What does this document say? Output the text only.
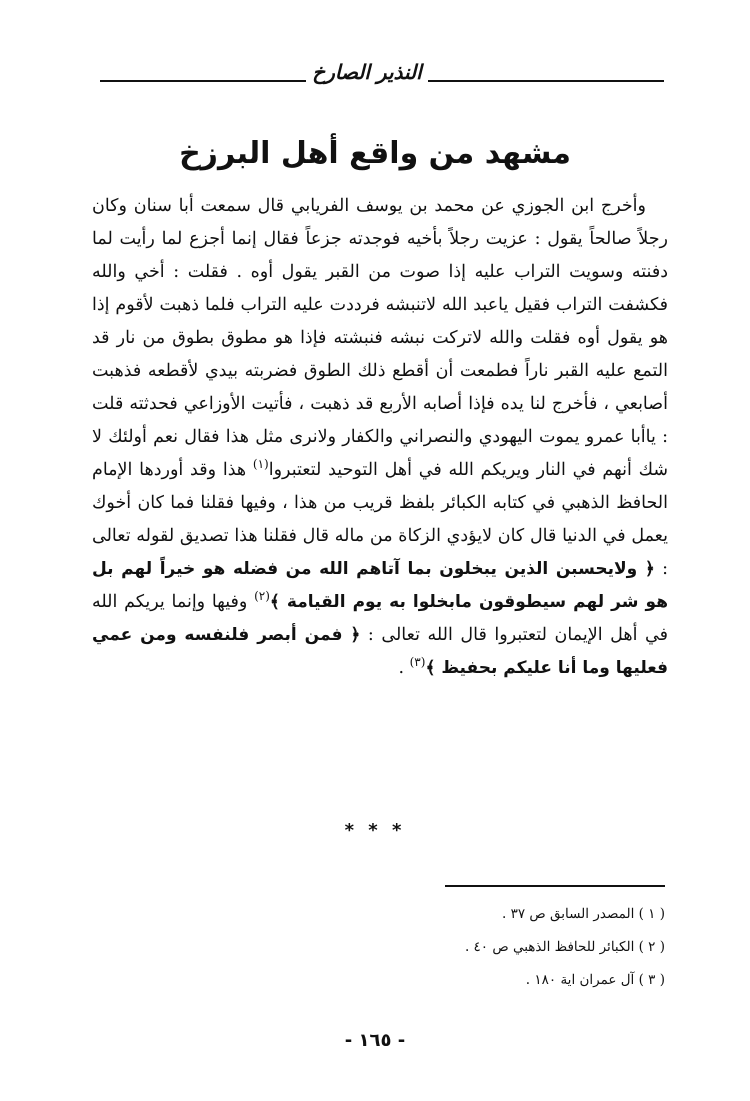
النذير الصارخ
مشهد من واقع أهل البرزخ

وأخرج ابن الجوزي عن محمد بن يوسف الفريابي قال سمعت أبا سنان وكان رجلاً صالحاً يقول : عزيت رجلاً بأخيه فوجدته جزعاً فقال إنما أجزع لما رأيت لما دفنته وسويت التراب عليه إذا صوت من القبر يقول أوه . فقلت : أخي والله فكشفت التراب فقيل ياعبد الله لاتنبشه فرددت عليه التراب فلما ذهبت لأقوم إذا هو يقول أوه فقلت والله لاتركت نبشه فنبشته فإذا هو مطوق بطوق من نار قد التمع عليه القبر ناراً فطمعت أن أقطع ذلك الطوق فضربته بيدي لأقطعه فذهبت أصابعي ، فأخرج لنا يده فإذا أصابه الأربع قد ذهبت ، فأتيت الأوزاعي فحدثته قلت : ياأبا عمرو يموت اليهودي والنصراني والكفار ولانرى مثل هذا فقال نعم أولئك لا شك أنهم في النار ويريكم الله في أهل التوحيد لتعتبروا$^{(١)}$ هذا وقد أوردها الإمام الحافظ الذهبي في كتابه الكبائر بلفظ قريب من هذا ، وفيها فقلنا فما كان أخوك يعمل في الدنيا قال كان لايؤدي الزكاة من ماله قال فقلنا هذا تصديق لقوله تعالى : ﴿ ولايحسبن الذين يبخلون بما آتاهم الله من فضله هو خيراً لهم بل هو شر لهم سيطوقون مابخلوا به يوم القيامة ﴾$^{(٢)}$ وفيها وإنما يريكم الله في أهل الإيمان لتعتبروا قال الله تعالى : ﴿ فمن أبصر فلنفسه ومن عمي فعليها وما أنا عليكم بحفيظ ﴾$^{(٣)}$ .

* * *
( ١ ) المصدر السابق ص ٣٧ .
( ٢ ) الكبائر للحافظ الذهبي ص ٤٠ .
( ٣ ) آل عمران اية ١٨٠ .
- ١٦٥ -
